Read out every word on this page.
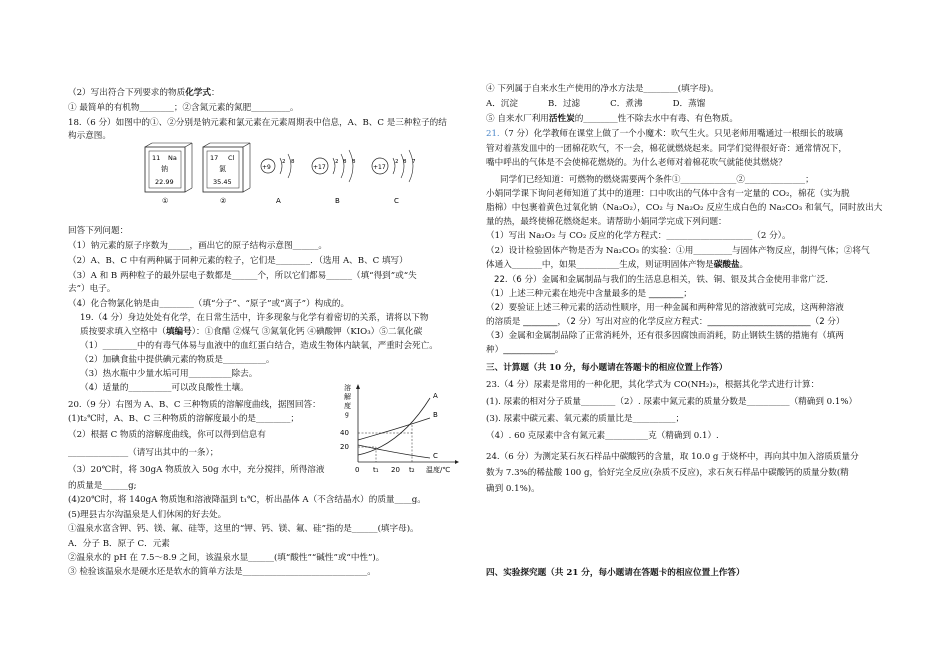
（2）写出符合下列要求的物质化学式：
① 最简单的有机物________；②含氮元素的氮肥_________。
18.（6 分）如图中的①、②分别是钠元素和氯元素在元素周期表中信息，A、B、C 是三种粒子的结
构示意图。
11 Na
钠
22.99
①
17 Cl
氯
35.45
②
+9
2 8
A
+17
2 8 8
B
+17
2 8 7
C
回答下列问题：
（1）钠元素的原子序数为_____，画出它的原子结构示意图______。
（2）A、B、C 中有两种属于同种元素的粒子，它们是________．（选用 A、B、C 填写）
（3）A 和 B 两种粒子的最外层电子数都是______个，所以它们都易______（填“得到”或“失
去”）电子。
（4）化合物氯化钠是由________（填“分子”、“原子”或“离子”）构成的。
19.（4 分）身边处处有化学，在日常生活中，许多现象与化学有着密切的关系，请将以下物
质按要求填入空格中（填编号）：①食醋 ②煤气 ③氮氧化钙 ④碘酸钾（KIO₃）⑤二氧化碳
（1）________中的有毒气体易与血液中的血红蛋白结合，造成生物体内缺氧，严重时会死亡。
（2）加碘食盐中提供碘元素的物质是__________。
（3）热水瓶中少量水垢可用__________除去。
（4）适量的__________可以改良酸性土壤。
20.（9 分）右图为 A、B、C 三种物质的溶解度曲线，据图回答：
(1)t₂℃时，A、B、C 三种物质的溶解度最小的是________；
（2）根据 C 物质的溶解度曲线，你可以得到信息有
______________（请写出其中的一条）；
（3）20℃时，将 30gA 物质放入 50g 水中，充分搅拌，所得溶液
的质量是______g;
(4)20℃时，将 140gA 物质饱和溶液降温到 t₁℃，析出晶体 A（不含结晶水）的质量____g。
(5)理县古尔沟温泉是人们休闲的好去处。
①温泉水富含钾、钙、镁、氟、硅等，这里的“钾、钙、镁、氟、硅”指的是______(填字母)。
A．分子 B．原子 C．元素
②温泉水的 pH 在 7.5～8.9 之间，该温泉水显______(填“酸性”“碱性”或“中性”)。
③ 检验该温泉水是硬水还是软水的简单方法是_____________________________。
溶
解
度
g
40
20
A
B
C
0 t₁ 20 t₂ 温度/℃
④ 下列属于自来水生产使用的净水方法是________(填字母)。
A．沉淀           B．过滤           C．煮沸           D．蒸馏
⑤ 自来水厂利用活性炭的________性不除去水中有毒、有色物质。
21.（7 分）化学教师在课堂上做了一个小魔术：吹气生火。只见老师用嘴通过一根细长的玻璃
管对着蒸发皿中的一团棉花吹气，不一会，棉花就燃烧起来。同学们觉得很好奇：通常情况下，
嘴中呼出的气体是不会使棉花燃烧的。为什么老师对着棉花吹气就能使其燃烧？
同学们已经知道：可燃物的燃烧需要两个条件①_____________②______________；
小娟同学课下询问老师知道了其中的道理：口中吹出的气体中含有一定量的 CO₂，棉花（实为脱
脂棉）中包裹着黄色过氧化钠（Na₂O₂），CO₂ 与 Na₂O₂ 反应生成白色的 Na₂CO₃ 和氧气，同时放出大
量的热，最终使棉花燃烧起来。请帮助小娟同学完成下列问题：
（1）写出 Na₂O₂ 与 CO₂ 反应的化学方程式：____________________（2 分）。
（2）设计检验固体产物是否为 Na₂CO₃ 的实验：①用_________与固体产物反应，制得气体；②将气
体通入_______中，如果__________生成，则证明固体产物是碳酸盐。
22.（6 分）金属和金属制品与我们的生活息息相关，铁、铜、银及其合金使用非常广泛．
（1）上述三种元素在地壳中含量最多的是 ________；
（2）要验证上述三种元素的活动性顺序，用一种金属和两种常见的溶液就可完成，这两种溶液
的溶质是 ________，（2 分）写出对应的化学反应方程式：________________________（2 分）
（3）金属和金属制品除了正常消耗外，还有很多因腐蚀而消耗，防止钢铁生锈的措施有（填两
种）____________。
三、计算题（共 10 分，每小题请在答题卡的相应位置上作答）
23.（4 分）尿素是常用的一种化肥，其化学式为 CO(NH₂)₂，根据其化学式进行计算：
(1). 尿素的相对分子质量________（2）. 尿素中氮元素的质量分数是__________（精确到 0.1%）
(3). 尿素中碳元素、氧元素的质量比是__________；
（4）. 60 克尿素中含有氮元素__________克（精确到 0.1）.
24.（6 分）为测定某石灰石样品中碳酸钙的含量，取 10.0 g 于烧杯中，再向其中加入溶质质量分
数为 7.3%的稀盐酸 100 g，恰好完全反应(杂质不反应)，求石灰石样品中碳酸钙的质量分数(精
确到 0.1%)。
四、实验探究题（共 21 分，每小题请在答题卡的相应位置上作答）
